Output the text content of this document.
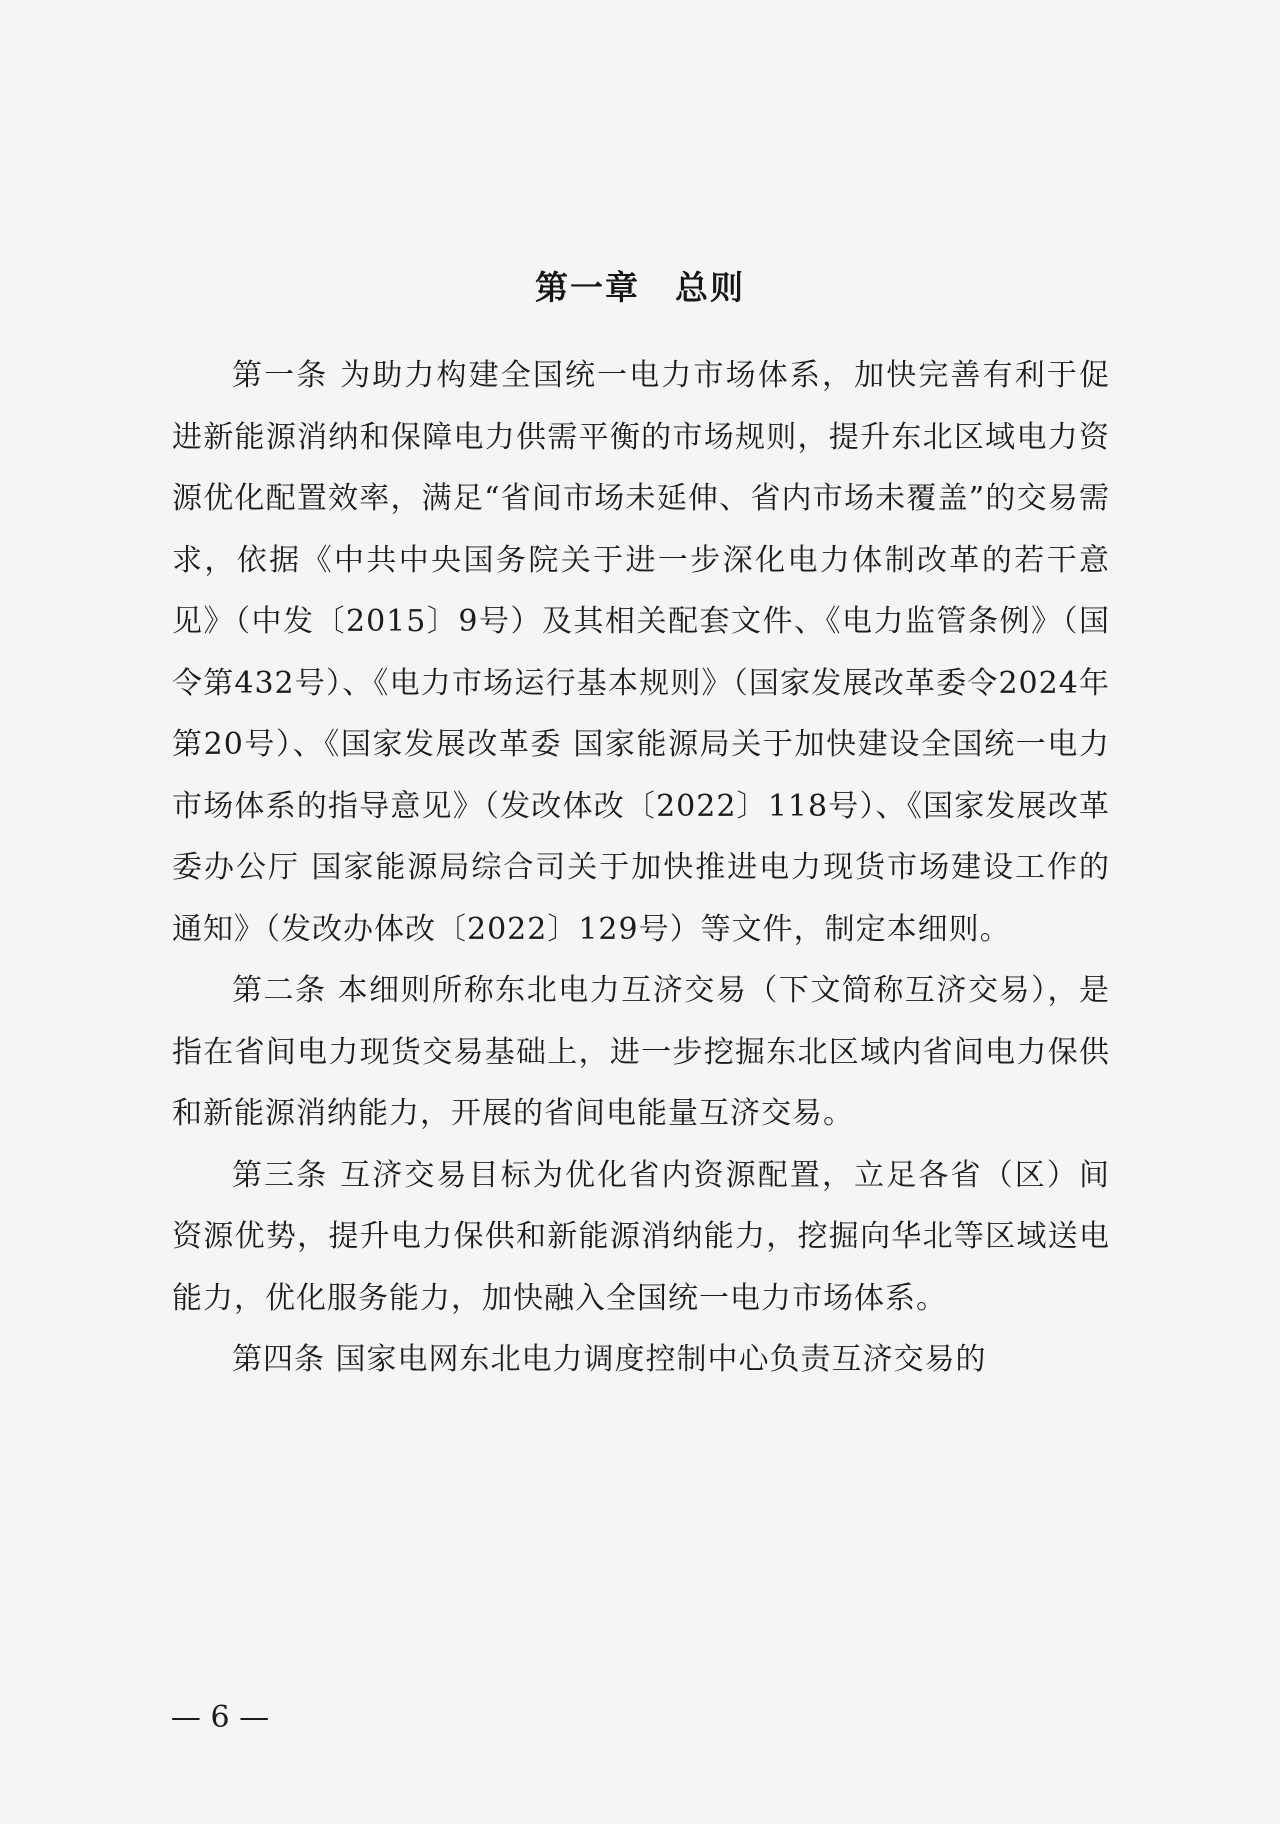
第一章　总则

第一条 为助力构建全国统一电力市场体系，加快完善有利于促进新能源消纳和保障电力供需平衡的市场规则，提升东北区域电力资源优化配置效率，满足“省间市场未延伸、省内市场未覆盖”的交易需求，依据《中共中央国务院关于进一步深化电力体制改革的若干意见》（中发〔2015〕9号）及其相关配套文件、《电力监管条例》（国令第432号）、《电力市场运行基本规则》（国家发展改革委令2024年第20号）、《国家发展改革委 国家能源局关于加快建设全国统一电力市场体系的指导意见》（发改体改〔2022〕118号）、《国家发展改革委办公厅 国家能源局综合司关于加快推进电力现货市场建设工作的通知》（发改办体改〔2022〕129号）等文件，制定本细则。

第二条 本细则所称东北电力互济交易（下文简称互济交易），是指在省间电力现货交易基础上，进一步挖掘东北区域内省间电力保供和新能源消纳能力，开展的省间电能量互济交易。

第三条 互济交易目标为优化省内资源配置，立足各省（区）间资源优势，提升电力保供和新能源消纳能力，挖掘向华北等区域送电能力，优化服务能力，加快融入全国统一电力市场体系。

第四条 国家电网东北电力调度控制中心负责互济交易的

— 6 —
